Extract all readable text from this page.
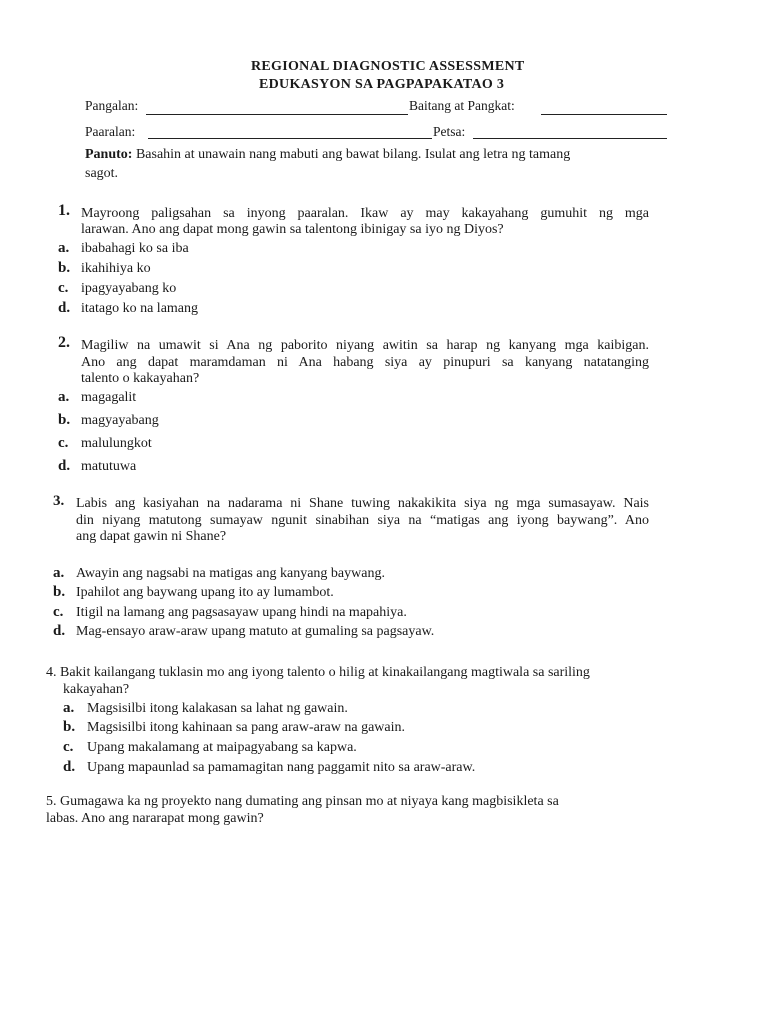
REGIONAL DIAGNOSTIC ASSESSMENT
EDUKASYON SA PAGPAPAKATAO 3
Pangalan:	Baitang at Pangkat:
Paaralan:	Petsa:
Panuto: Basahin at unawain nang mabuti ang bawat bilang. Isulat ang letra ng tamang
sagot.
1. Mayroong paligsahan sa inyong paaralan. Ikaw ay may kakayahang gumuhit ng mga
larawan. Ano ang dapat mong gawin sa talentong ibinigay sa iyo ng Diyos?
a. ibabahagi ko sa iba
b. ikahihiya ko
c. ipagyayabang ko
d. itatago ko na lamang
2. Magiliw na umawit si Ana ng paborito niyang awitin sa harap ng kanyang mga kaibigan.
Ano ang dapat maramdaman ni Ana habang siya ay pinupuri sa kanyang natatanging
talento o kakayahan?
a. magagalit
b. magyayabang
c. malulungkot
d. matutuwa
3. Labis ang kasiyahan na nadarama ni Shane tuwing nakakikita siya ng mga sumasayaw. Nais
din niyang matutong sumayaw ngunit sinabihan siya na “matigas ang iyong baywang”. Ano
ang dapat gawin ni Shane?
a. Awayin ang nagsabi na matigas ang kanyang baywang.
b. Ipahilot ang baywang upang ito ay lumambot.
c. Itigil na lamang ang pagsasayaw upang hindi na mapahiya.
d. Mag-ensayo araw-araw upang matuto at gumaling sa pagsayaw.
4. Bakit kailangang tuklasin mo ang iyong talento o hilig at kinakailangang magtiwala sa sariling
kakayahan?
a. Magsisilbi itong kalakasan sa lahat ng gawain.
b. Magsisilbi itong kahinaan sa pang araw-araw na gawain.
c. Upang makalamang at maipagyabang sa kapwa.
d. Upang mapaunlad sa pamamagitan nang paggamit nito sa araw-araw.
5. Gumagawa ka ng proyekto nang dumating ang pinsan mo at niyaya kang magbisikleta sa
labas. Ano ang nararapat mong gawin?
